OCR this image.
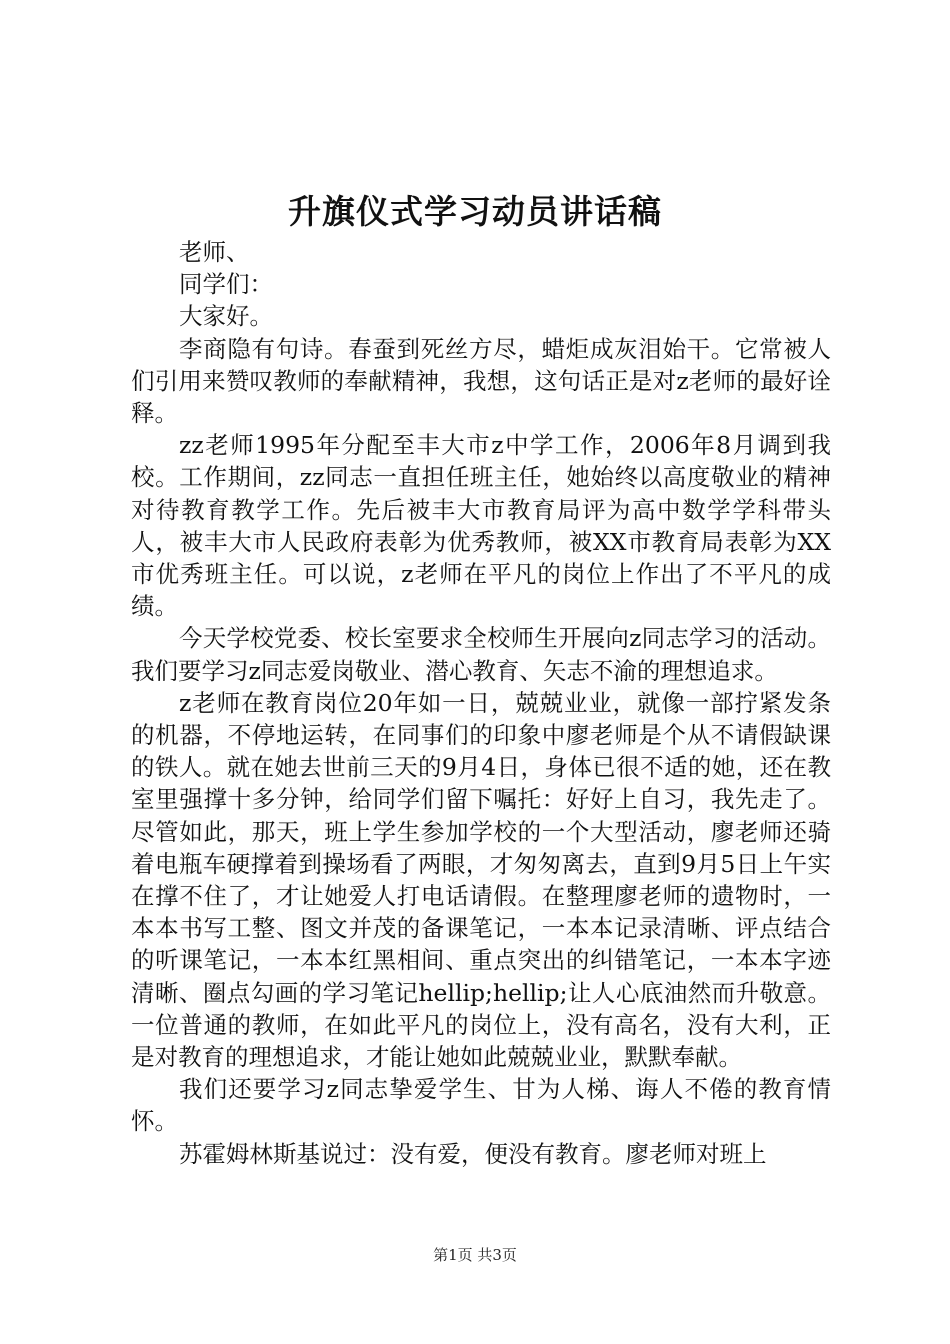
升旗仪式学习动员讲话稿

老师、

同学们：

大家好。

李商隐有句诗。春蚕到死丝方尽，蜡炬成灰泪始干。它常被人们引用来赞叹教师的奉献精神，我想，这句话正是对z老师的最好诠释。

zz老师1995年分配至丰大市z中学工作，2006年8月调到我校。工作期间，zz同志一直担任班主任，她始终以高度敬业的精神对待教育教学工作。先后被丰大市教育局评为高中数学学科带头人，被丰大市人民政府表彰为优秀教师，被XX市教育局表彰为XX市优秀班主任。可以说，z老师在平凡的岗位上作出了不平凡的成绩。

今天学校党委、校长室要求全校师生开展向z同志学习的活动。我们要学习z同志爱岗敬业、潜心教育、矢志不渝的理想追求。

z老师在教育岗位20年如一日，兢兢业业，就像一部拧紧发条的机器，不停地运转，在同事们的印象中廖老师是个从不请假缺课的铁人。就在她去世前三天的9月4日，身体已很不适的她，还在教室里强撑十多分钟，给同学们留下嘱托：好好上自习，我先走了。尽管如此，那天，班上学生参加学校的一个大型活动，廖老师还骑着电瓶车硬撑着到操场看了两眼，才匆匆离去，直到9月5日上午实在撑不住了，才让她爱人打电话请假。在整理廖老师的遗物时，一本本书写工整、图文并茂的备课笔记，一本本记录清晰、评点结合的听课笔记，一本本红黑相间、重点突出的纠错笔记，一本本字迹清晰、圈点勾画的学习笔记hellip;hellip;让人心底油然而升敬意。一位普通的教师，在如此平凡的岗位上，没有高名，没有大利，正是对教育的理想追求，才能让她如此兢兢业业，默默奉献。

我们还要学习z同志挚爱学生、甘为人梯、诲人不倦的教育情怀。

苏霍姆林斯基说过：没有爱，便没有教育。廖老师对班上

第1页 共3页
